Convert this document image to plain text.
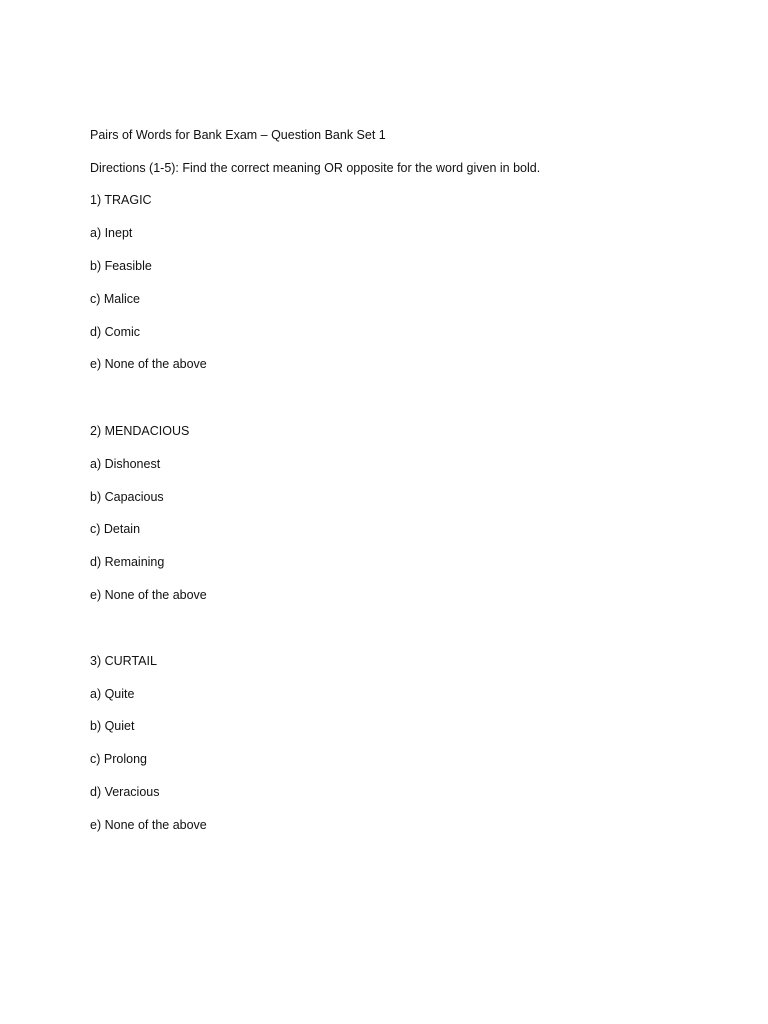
Pairs of Words for Bank Exam – Question Bank Set 1
Directions (1-5): Find the correct meaning OR opposite for the word given in bold.
1) TRAGIC
a) Inept
b) Feasible
c) Malice
d) Comic
e) None of the above
2) MENDACIOUS
a) Dishonest
b) Capacious
c) Detain
d) Remaining
e) None of the above
3) CURTAIL
a) Quite
b) Quiet
c) Prolong
d) Veracious
e) None of the above
